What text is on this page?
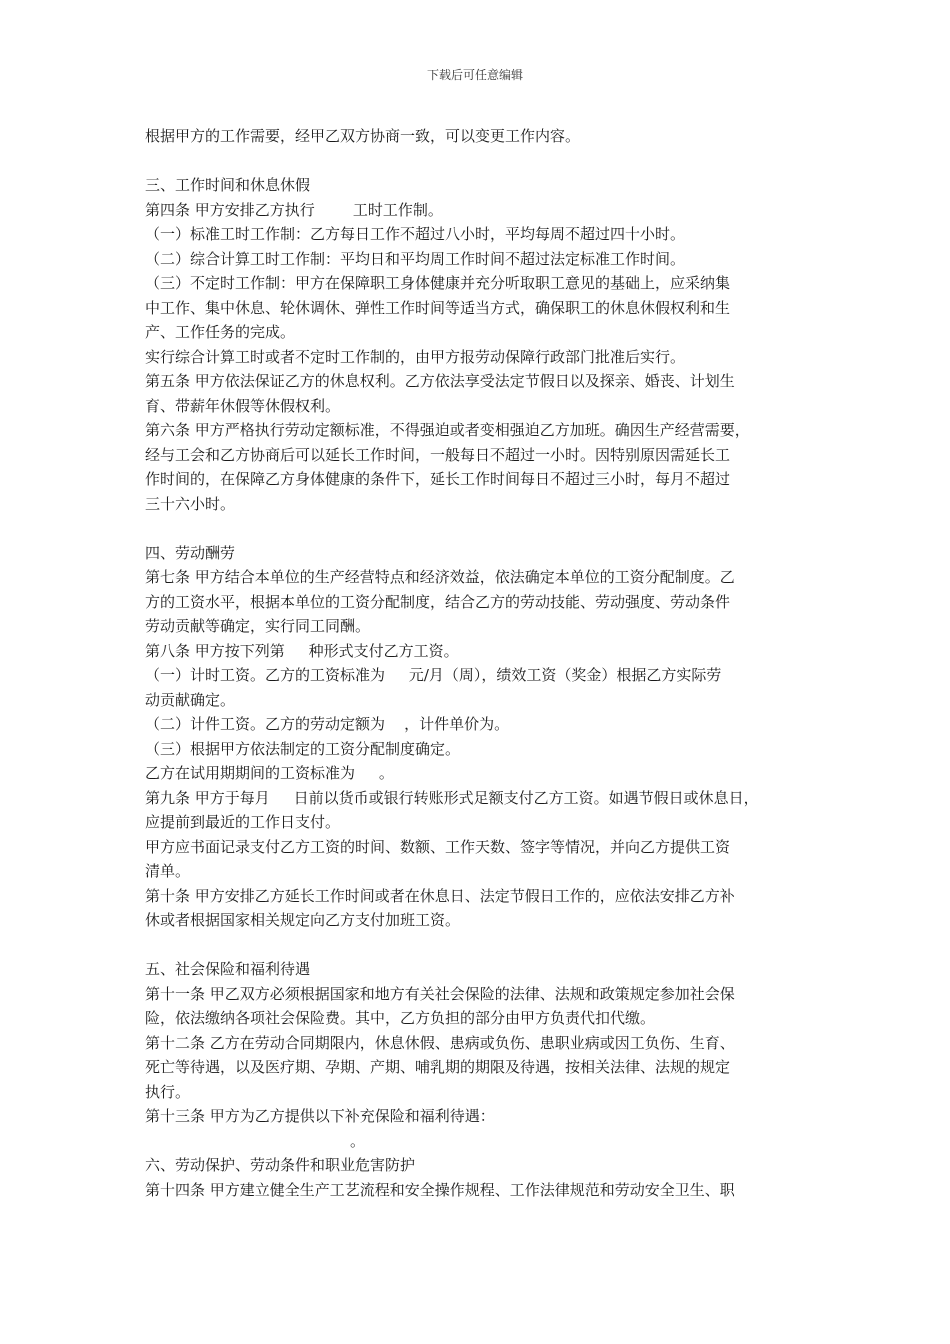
下载后可任意编辑

根据甲方的工作需要，经甲乙双方协商一致，可以变更工作内容。

三、工作时间和休息休假

第四条 甲方安排乙方执行        工时工作制。

（一）标准工时工作制：乙方每日工作不超过八小时，平均每周不超过四十小时。

（二）综合计算工时工作制：平均日和平均周工作时间不超过法定标准工作时间。

（三）不定时工作制：甲方在保障职工身体健康并充分听取职工意见的基础上，应采纳集

中工作、集中休息、轮休调休、弹性工作时间等适当方式，确保职工的休息休假权利和生

产、工作任务的完成。

实行综合计算工时或者不定时工作制的，由甲方报劳动保障行政部门批准后实行。

第五条 甲方依法保证乙方的休息权利。乙方依法享受法定节假日以及探亲、婚丧、计划生

育、带薪年休假等休假权利。

第六条 甲方严格执行劳动定额标准，不得强迫或者变相强迫乙方加班。确因生产经营需要，

经与工会和乙方协商后可以延长工作时间，一般每日不超过一小时。因特别原因需延长工

作时间的，在保障乙方身体健康的条件下，延长工作时间每日不超过三小时，每月不超过

三十六小时。

四、劳动酬劳

第七条 甲方结合本单位的生产经营特点和经济效益，依法确定本单位的工资分配制度。乙

方的工资水平，根据本单位的工资分配制度，结合乙方的劳动技能、劳动强度、劳动条件

劳动贡献等确定，实行同工同酬。

第八条 甲方按下列第     种形式支付乙方工资。

（一）计时工资。乙方的工资标准为     元/月（周），绩效工资（奖金）根据乙方实际劳

动贡献确定。

（二）计件工资。乙方的劳动定额为    ，计件单价为。

（三）根据甲方依法制定的工资分配制度确定。

乙方在试用期期间的工资标准为     。

第九条 甲方于每月     日前以货币或银行转账形式足额支付乙方工资。如遇节假日或休息日，

应提前到最近的工作日支付。

甲方应书面记录支付乙方工资的时间、数额、工作天数、签字等情况，并向乙方提供工资

清单。

第十条 甲方安排乙方延长工作时间或者在休息日、法定节假日工作的，应依法安排乙方补

休或者根据国家相关规定向乙方支付加班工资。

五、社会保险和福利待遇

第十一条 甲乙双方必须根据国家和地方有关社会保险的法律、法规和政策规定参加社会保

险，依法缴纳各项社会保险费。其中，乙方负担的部分由甲方负责代扣代缴。

第十二条 乙方在劳动合同期限内，休息休假、患病或负伤、患职业病或因工负伤、生育、

死亡等待遇，以及医疗期、孕期、产期、哺乳期的期限及待遇，按相关法律、法规的规定

执行。

第十三条 甲方为乙方提供以下补充保险和福利待遇：

。

六、劳动保护、劳动条件和职业危害防护

第十四条 甲方建立健全生产工艺流程和安全操作规程、工作法律规范和劳动安全卫生、职
